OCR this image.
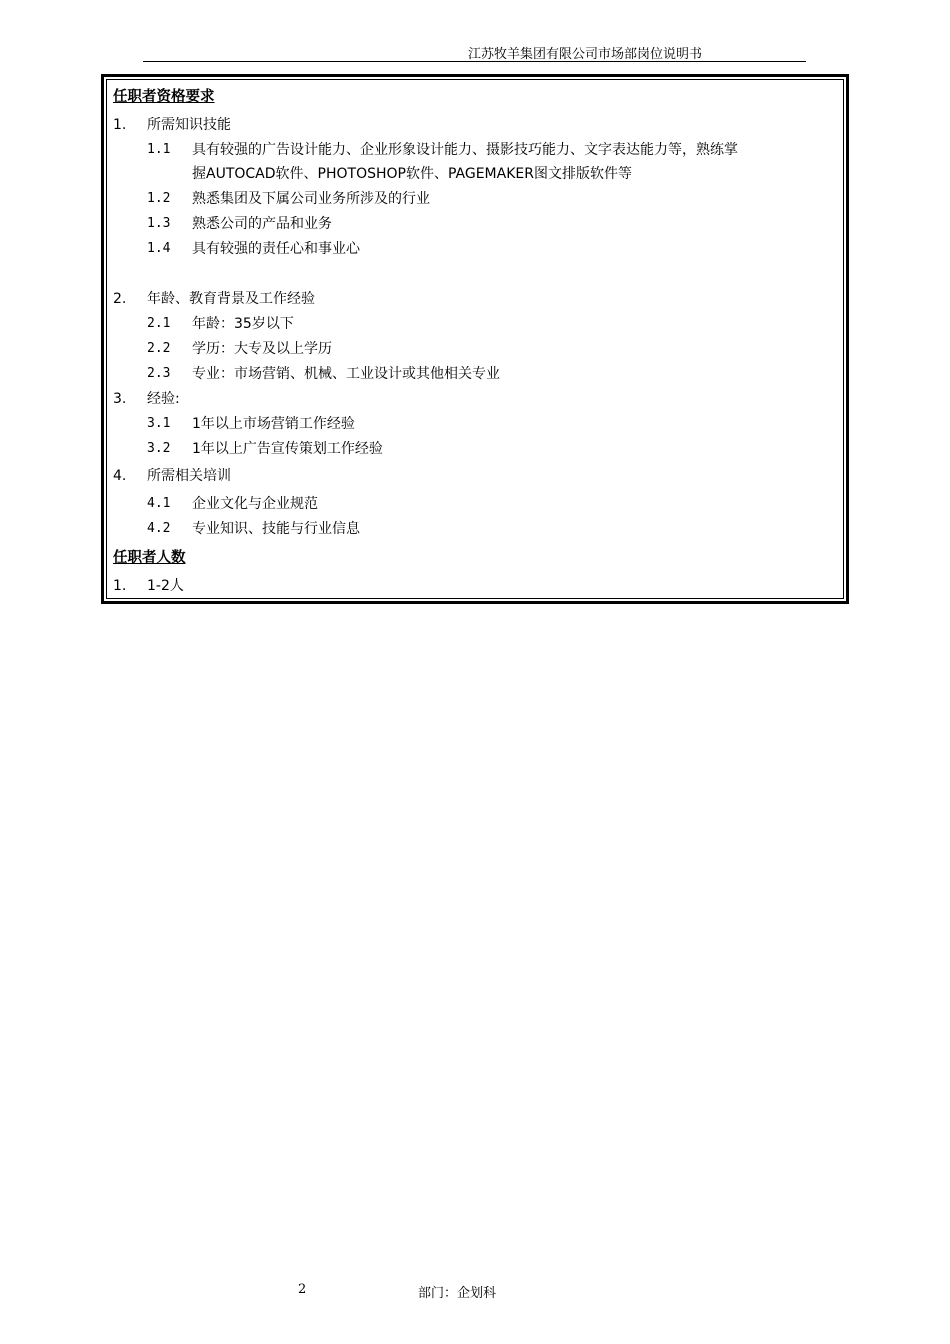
江苏牧羊集团有限公司市场部岗位说明书
任职者资格要求
1. 所需知识技能
1.1 具有较强的广告设计能力、企业形象设计能力、摄影技巧能力、文字表达能力等，熟练掌
握AUTOCAD软件、PHOTOSHOP软件、PAGEMAKER图文排版软件等
1.2 熟悉集团及下属公司业务所涉及的行业
1.3 熟悉公司的产品和业务
1.4 具有较强的责任心和事业心
2. 年龄、教育背景及工作经验
2.1 年龄：35岁以下
2.2 学历：大专及以上学历
2.3 专业：市场营销、机械、工业设计或其他相关专业
3. 经验:
3.1 1年以上市场营销工作经验
3.2 1年以上广告宣传策划工作经验
4. 所需相关培训
4.1 企业文化与企业规范
4.2 专业知识、技能与行业信息
任职者人数
1. 1-2人
2	部门：企划科
